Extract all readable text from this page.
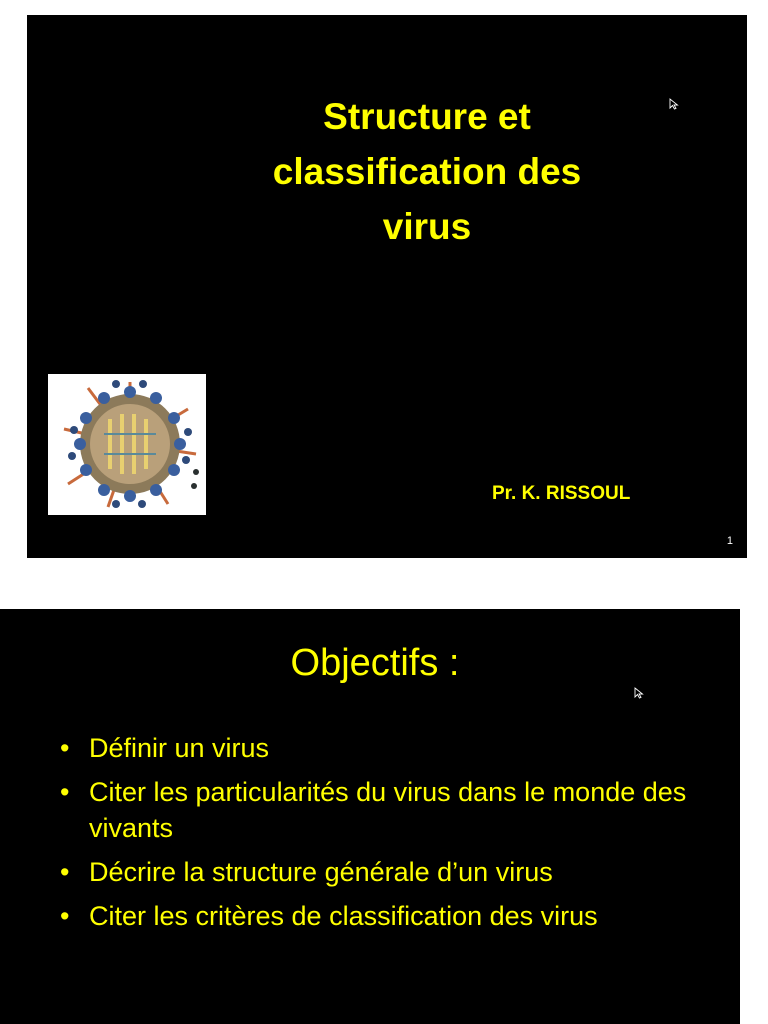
Structure et
classification des
virus
Pr. K. RISSOUL
1
Objectifs :
• Définir un virus
• Citer les particularités du virus dans le monde des vivants
• Décrire la structure générale d’un virus
• Citer les critères de classification des virus
